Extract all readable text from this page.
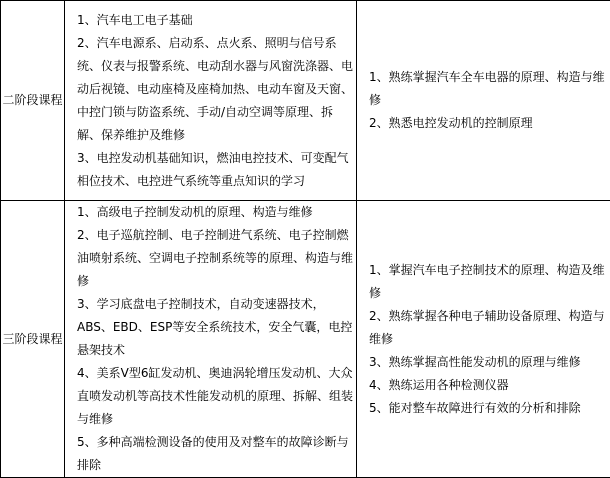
二阶段课程	1、汽车电工电子基础
2、汽车电源系、启动系、点火系、照明与信号系统、仪表与报警系统、电动刮水器与风窗洗涤器、电动后视镜、电动座椅及座椅加热、电动车窗及天窗、中控门锁与防盗系统、手动/自动空调等原理、拆解、保养维护及维修
3、电控发动机基础知识，燃油电控技术、可变配气相位技术、电控进气系统等重点知识的学习	1、熟练掌握汽车全车电器的原理、构造与维修
2、熟悉电控发动机的控制原理

三阶段课程	1、高级电子控制发动机的原理、构造与维修
2、电子巡航控制、电子控制进气系统、电子控制燃油喷射系统、空调电子控制系统等的原理、构造与维修
3、学习底盘电子控制技术，自动变速器技术，ABS、EBD、ESP等安全系统技术，安全气囊，电控悬架技术
4、美系V型6缸发动机、奥迪涡轮增压发动机、大众直喷发动机等高技术性能发动机的原理、拆解、组装与维修
5、多种高端检测设备的使用及对整车的故障诊断与排除	1、掌握汽车电子控制技术的原理、构造及维修
2、熟练掌握各种电子辅助设备原理、构造与维修
3、熟练掌握高性能发动机的原理与维修
4、熟练运用各种检测仪器
5、能对整车故障进行有效的分析和排除
